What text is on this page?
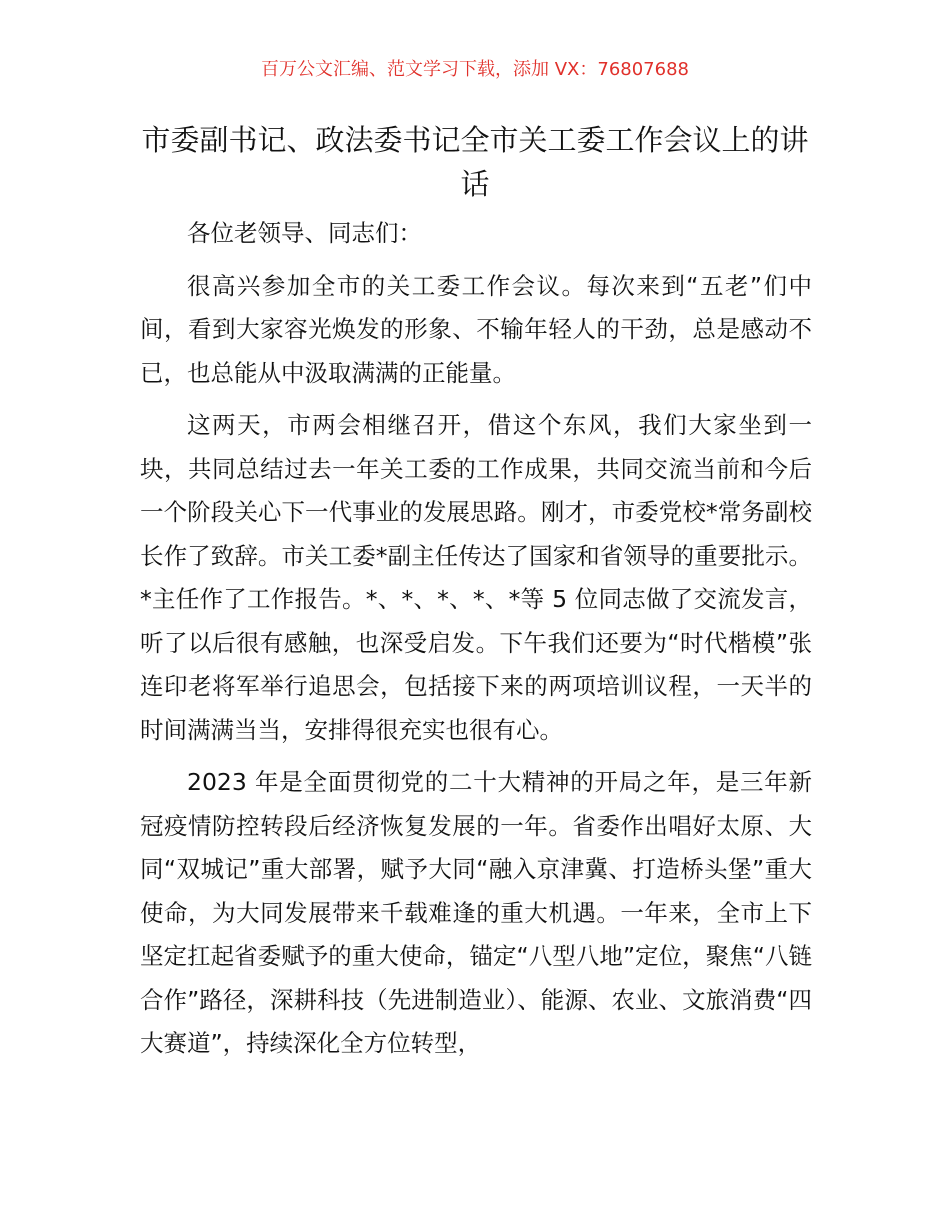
百万公文汇编、范文学习下载，添加 VX：76807688
市委副书记、政法委书记全市关工委工作会议上的讲话

各位老领导、同志们：

很高兴参加全市的关工委工作会议。每次来到“五老”们中间，看到大家容光焕发的形象、不输年轻人的干劲，总是感动不已，也总能从中汲取满满的正能量。

这两天，市两会相继召开，借这个东风，我们大家坐到一块，共同总结过去一年关工委的工作成果，共同交流当前和今后一个阶段关心下一代事业的发展思路。刚才，市委党校*常务副校长作了致辞。市关工委*副主任传达了国家和省领导的重要批示。*主任作了工作报告。*、*、*、*、*等 5 位同志做了交流发言，听了以后很有感触，也深受启发。下午我们还要为“时代楷模”张连印老将军举行追思会，包括接下来的两项培训议程，一天半的时间满满当当，安排得很充实也很有心。

2023 年是全面贯彻党的二十大精神的开局之年，是三年新冠疫情防控转段后经济恢复发展的一年。省委作出唱好太原、大同“双城记”重大部署，赋予大同“融入京津冀、打造桥头堡”重大使命，为大同发展带来千载难逢的重大机遇。一年来，全市上下坚定扛起省委赋予的重大使命，锚定“八型八地”定位，聚焦“八链合作”路径，深耕科技（先进制造业）、能源、农业、文旅消费“四大赛道”，持续深化全方位转型，
